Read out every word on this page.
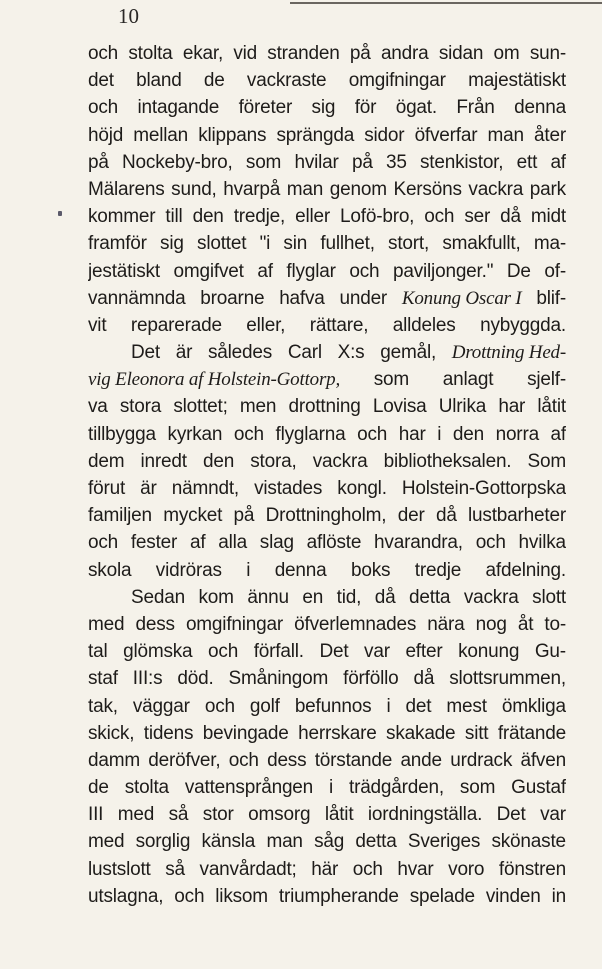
10
och stolta ekar, vid stranden på andra sidan om sun-
det bland de vackraste omgifningar majestätiskt
och intagande företer sig för ögat. Från denna
höjd mellan klippans sprängda sidor öfverfar man åter
på Nockeby-bro, som hvilar på 35 stenkistor, ett af
Mälarens sund, hvarpå man genom Kersöns vackra park
kommer till den tredje, eller Lofö-bro, och ser då midt
framför sig slottet "i sin fullhet, stort, smakfullt, ma-
jestätiskt omgifvet af flyglar och paviljonger." De of-
vannämnda broarne hafva under Konung Oscar I blif-
vit reparerade eller, rättare, alldeles nybyggda.
Det är således Carl X:s gemål, Drottning Hed-
vig Eleonora af Holstein-Gottorp, som anlagt sjelf-
va stora slottet; men drottning Lovisa Ulrika har låtit
tillbygga kyrkan och flyglarna och har i den norra af
dem inredt den stora, vackra bibliotheksalen. Som
förut är nämndt, vistades kongl. Holstein-Gottorpska
familjen mycket på Drottningholm, der då lustbarheter
och fester af alla slag aflöste hvarandra, och hvilka
skola vidröras i denna boks tredje afdelning.
Sedan kom ännu en tid, då detta vackra slott
med dess omgifningar öfverlemnades nära nog åt to-
tal glömska och förfall. Det var efter konung Gu-
staf III:s död. Småningom förföllo då slottsrummen,
tak, väggar och golf befunnos i det mest ömkliga
skick, tidens bevingade herrskare skakade sitt frätande
damm deröfver, och dess törstande ande urdrack äfven
de stolta vattensprången i trädgården, som Gustaf
III med så stor omsorg låtit iordningställa. Det var
med sorglig känsla man såg detta Sveriges skönaste
lustslott så vanvårdadt; här och hvar voro fönstren
utslagna, och liksom triumpherande spelade vinden in
